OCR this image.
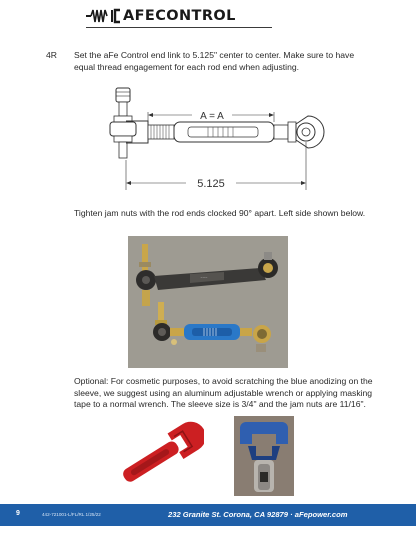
AFECONTROL
4R Set the aFe Control end link to 5.125" center to center. Make sure to have equal thread engagement for each rod end when adjusting.

A = A
5.125

Tighten jam nuts with the rod ends clocked 90° apart. Left side shown below.

~~~

Optional: For cosmetic purposes, to avoid scratching the blue anodizing on the sleeve, we suggest using an aluminum adjustable wrench or applying masking tape to a normal wrench. The sleeve size is 3/4" and the jam nuts are 11/16".

9	442-721001-L/FL/RL 1/25/22	232 Granite St. Corona, CA 92879 · aFepower.com
